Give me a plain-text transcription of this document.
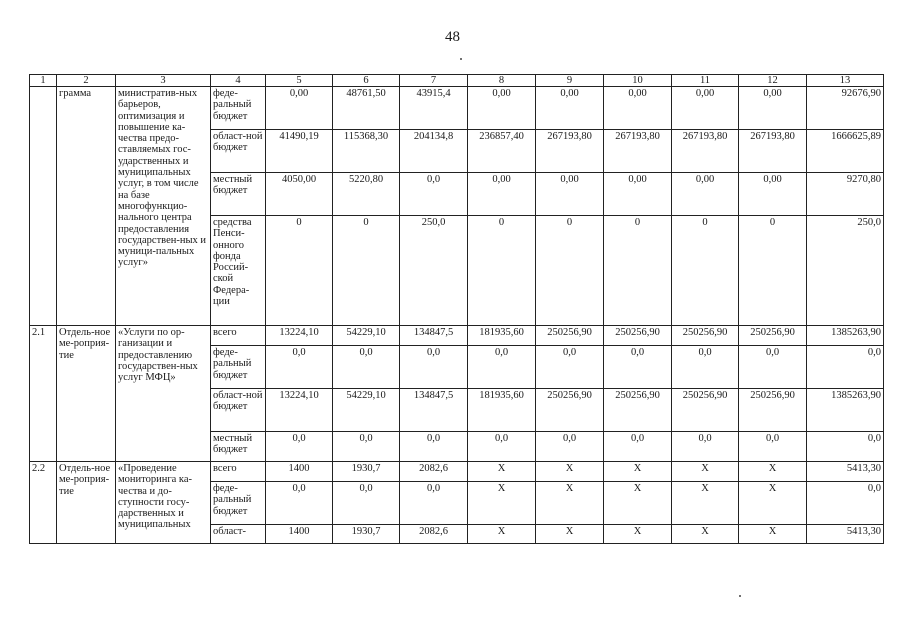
48
1	2	3	4	5	6	7	8	9	10	11	12	13
	грамма	министратив-ных барьеров, оптимизация и повышение ка-чества предо-ставляемых гос-ударственных и муниципальных услуг, в том числе на базе многофункцио-нального центра предоставления государствен-ных и муници-пальных услуг»	феде-ральный бюджет	0,00	48761,50	43915,4	0,00	0,00	0,00	0,00	0,00	92676,90
			област-ной бюджет	41490,19	115368,30	204134,8	236857,40	267193,80	267193,80	267193,80	267193,80	1666625,89
			местный бюджет	4050,00	5220,80	0,0	0,00	0,00	0,00	0,00	0,00	9270,80
			средства Пенси-онного фонда Россий-ской Федера-ции	0	0	250,0	0	0	0	0	0	250,0
2.1	Отдель-ное ме-роприя-тие	«Услуги по ор-ганизации и предоставлению государствен-ных услуг МФЦ»	всего	13224,10	54229,10	134847,5	181935,60	250256,90	250256,90	250256,90	250256,90	1385263,90
			феде-ральный бюджет	0,0	0,0	0,0	0,0	0,0	0,0	0,0	0,0	0,0
			област-ной бюджет	13224,10	54229,10	134847,5	181935,60	250256,90	250256,90	250256,90	250256,90	1385263,90
			местный бюджет	0,0	0,0	0,0	0,0	0,0	0,0	0,0	0,0	0,0
2.2	Отдель-ное ме-роприя-тие	«Проведение мониторинга ка-чества и до-ступности госу-дарственных и муниципальных	всего	1400	1930,7	2082,6	X	X	X	X	X	5413,30
			феде-ральный бюджет	0,0	0,0	0,0	X	X	X	X	X	0,0
			област-	1400	1930,7	2082,6	X	X	X	X	X	5413,30
